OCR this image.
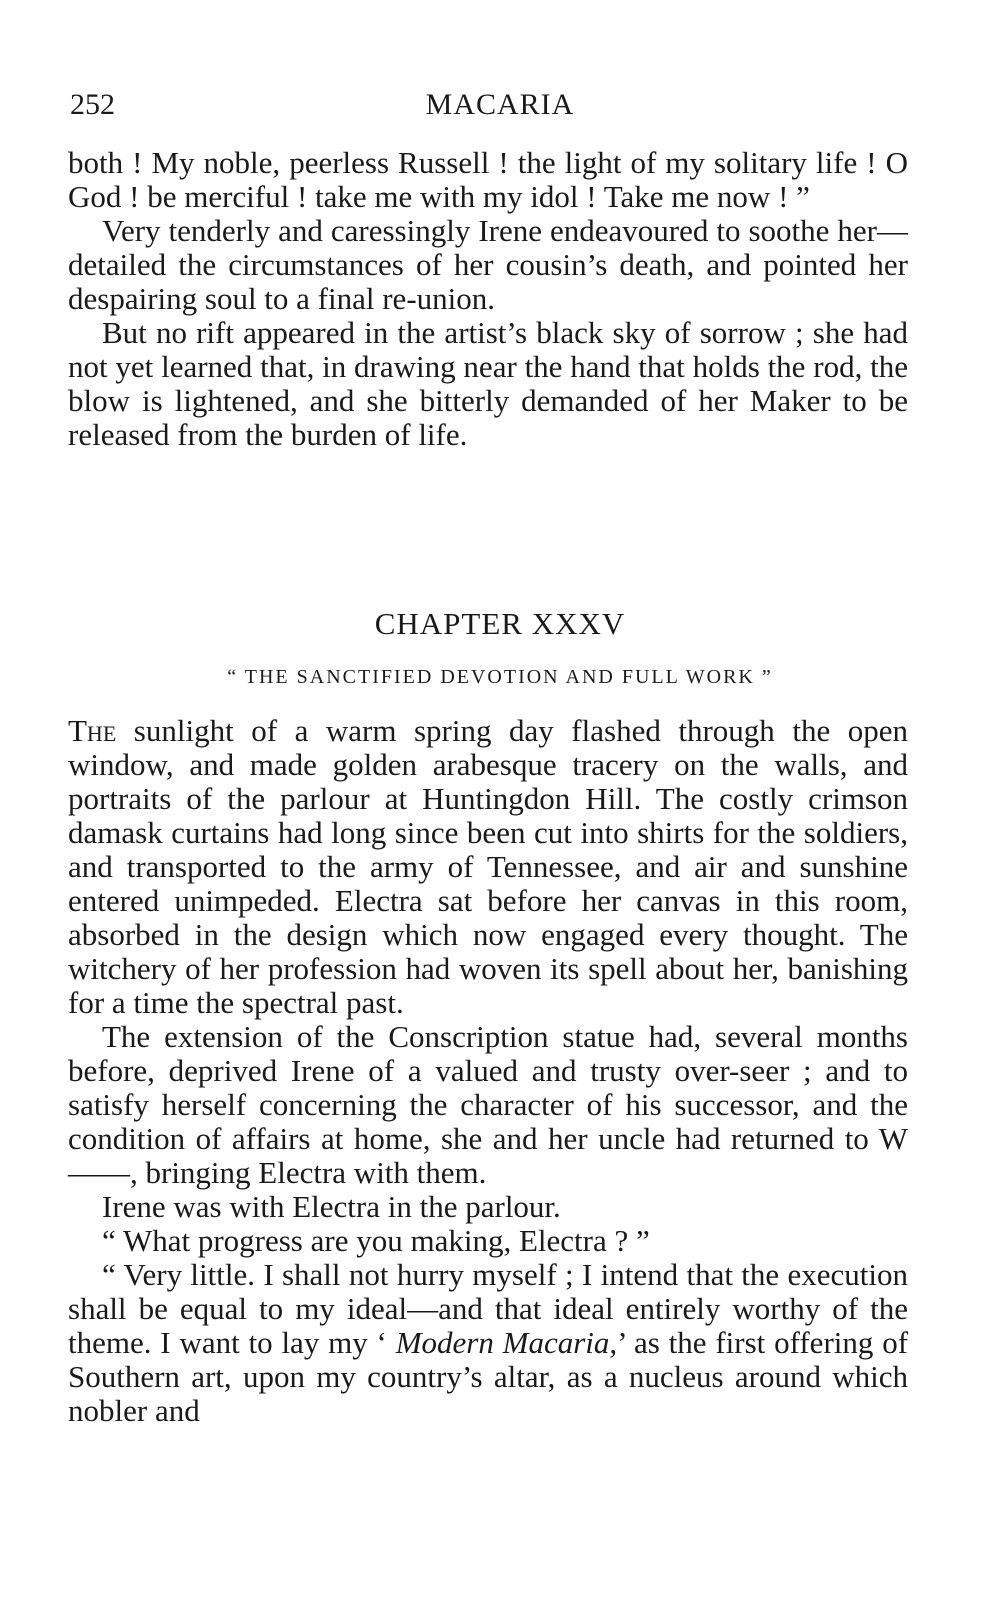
252	MACARIA

both ! My noble, peerless Russell ! the light of my solitary life ! O God ! be merciful ! take me with my idol ! Take me now ! ”

Very tenderly and caressingly Irene endeavoured to soothe her—detailed the circumstances of her cousin’s death, and pointed her despairing soul to a final re-union.

But no rift appeared in the artist’s black sky of sorrow ; she had not yet learned that, in drawing near the hand that holds the rod, the blow is lightened, and she bitterly demanded of her Maker to be released from the burden of life.

CHAPTER XXXV
“ THE SANCTIFIED DEVOTION AND FULL WORK ”

The sunlight of a warm spring day flashed through the open window, and made golden arabesque tracery on the walls, and portraits of the parlour at Huntingdon Hill. The costly crimson damask curtains had long since been cut into shirts for the soldiers, and transported to the army of Tennessee, and air and sunshine entered unimpeded. Electra sat before her canvas in this room, absorbed in the design which now engaged every thought. The witchery of her profession had woven its spell about her, banishing for a time the spectral past.

The extension of the Conscription statue had, several months before, deprived Irene of a valued and trusty over-seer ; and to satisfy herself concerning the character of his successor, and the condition of affairs at home, she and her uncle had returned to W——, bringing Electra with them.

Irene was with Electra in the parlour.

“ What progress are you making, Electra ? ”

“ Very little. I shall not hurry myself ; I intend that the execution shall be equal to my ideal—and that ideal entirely worthy of the theme. I want to lay my ‘ Modern Macaria,’ as the first offering of Southern art, upon my country’s altar, as a nucleus around which nobler and
